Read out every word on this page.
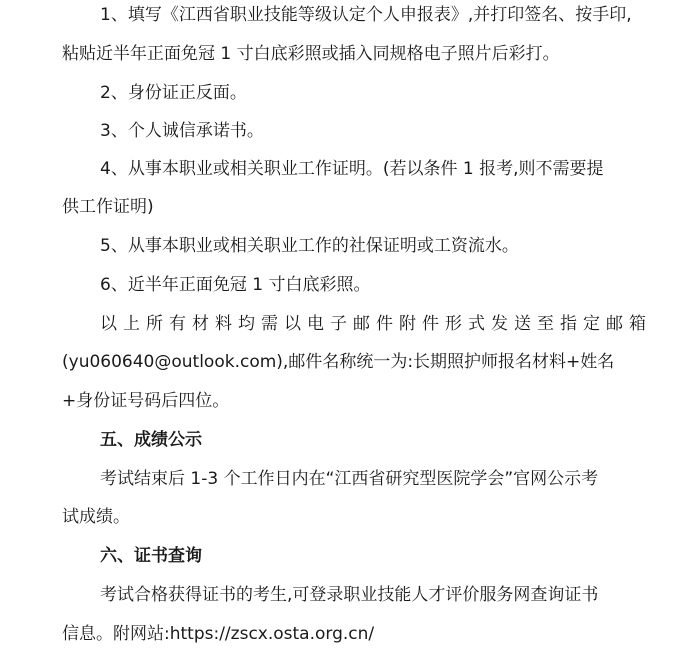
1、填写《江西省职业技能等级认定个人申报表》,并打印签名、按手印,
粘贴近半年正面免冠 1 寸白底彩照或插入同规格电子照片后彩打。
2、身份证正反面。
3、个人诚信承诺书。
4、从事本职业或相关职业工作证明。(若以条件 1 报考,则不需要提
供工作证明)
5、从事本职业或相关职业工作的社保证明或工资流水。
6、近半年正面免冠 1 寸白底彩照。
以上所有材料均需以电子邮件附件形式发送至指定邮箱
(yu060640@outlook.com),邮件名称统一为:长期照护师报名材料+姓名
+身份证号码后四位。
五、成绩公示
考试结束后 1-3 个工作日内在“江西省研究型医院学会”官网公示考
试成绩。
六、证书查询
考试合格获得证书的考生,可登录职业技能人才评价服务网查询证书
信息。附网站:https://zscx.osta.org.cn/
